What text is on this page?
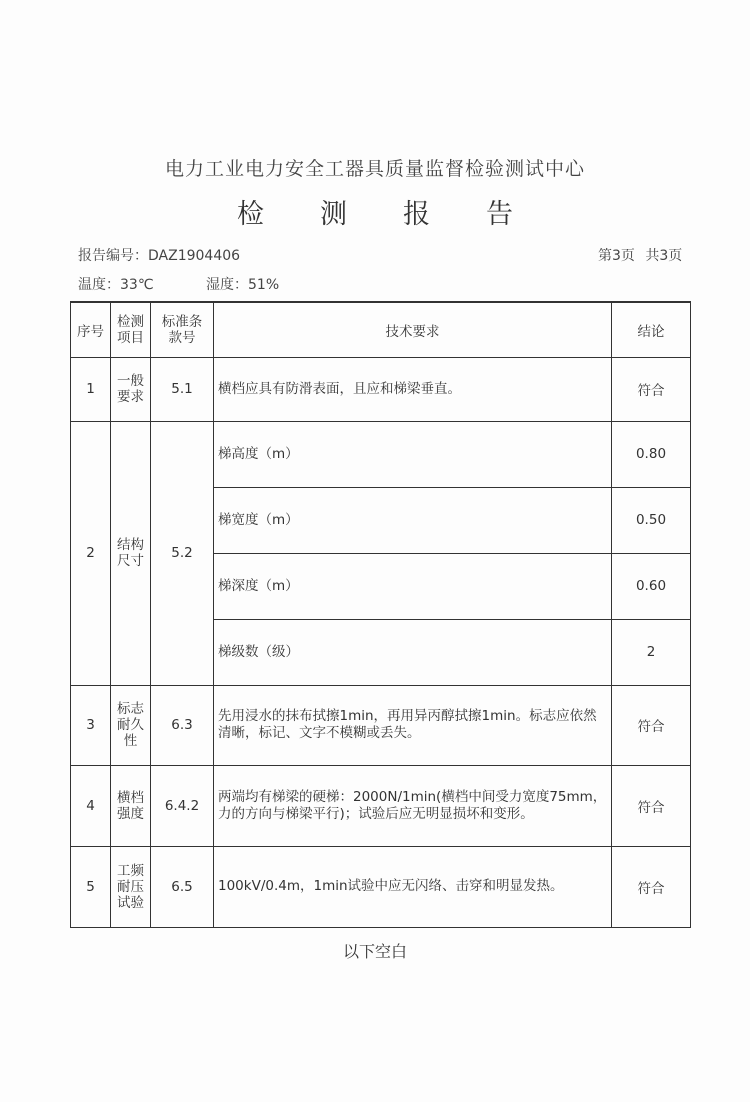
电力工业电力安全工器具质量监督检验测试中心
检 测 报 告
报告编号：DAZ1904406	第3页 共3页
温度：33℃	湿度：51%
序号	检测项目	标准条款号	技术要求	结论
1	一般要求	5.1	横档应具有防滑表面，且应和梯梁垂直。	符合
2	结构尺寸	5.2	梯高度（m）	0.80
			梯宽度（m）	0.50
			梯深度（m）	0.60
			梯级数（级）	2
3	标志耐久性	6.3	先用浸水的抹布拭擦1min，再用异丙醇拭擦1min。标志应依然清晰，标记、文字不模糊或丢失。	符合
4	横档强度	6.4.2	两端均有梯梁的硬梯：2000N/1min(横档中间受力宽度75mm，力的方向与梯梁平行)；试验后应无明显损坏和变形。	符合
5	工频耐压试验	6.5	100kV/0.4m，1min试验中应无闪络、击穿和明显发热。	符合
以下空白
